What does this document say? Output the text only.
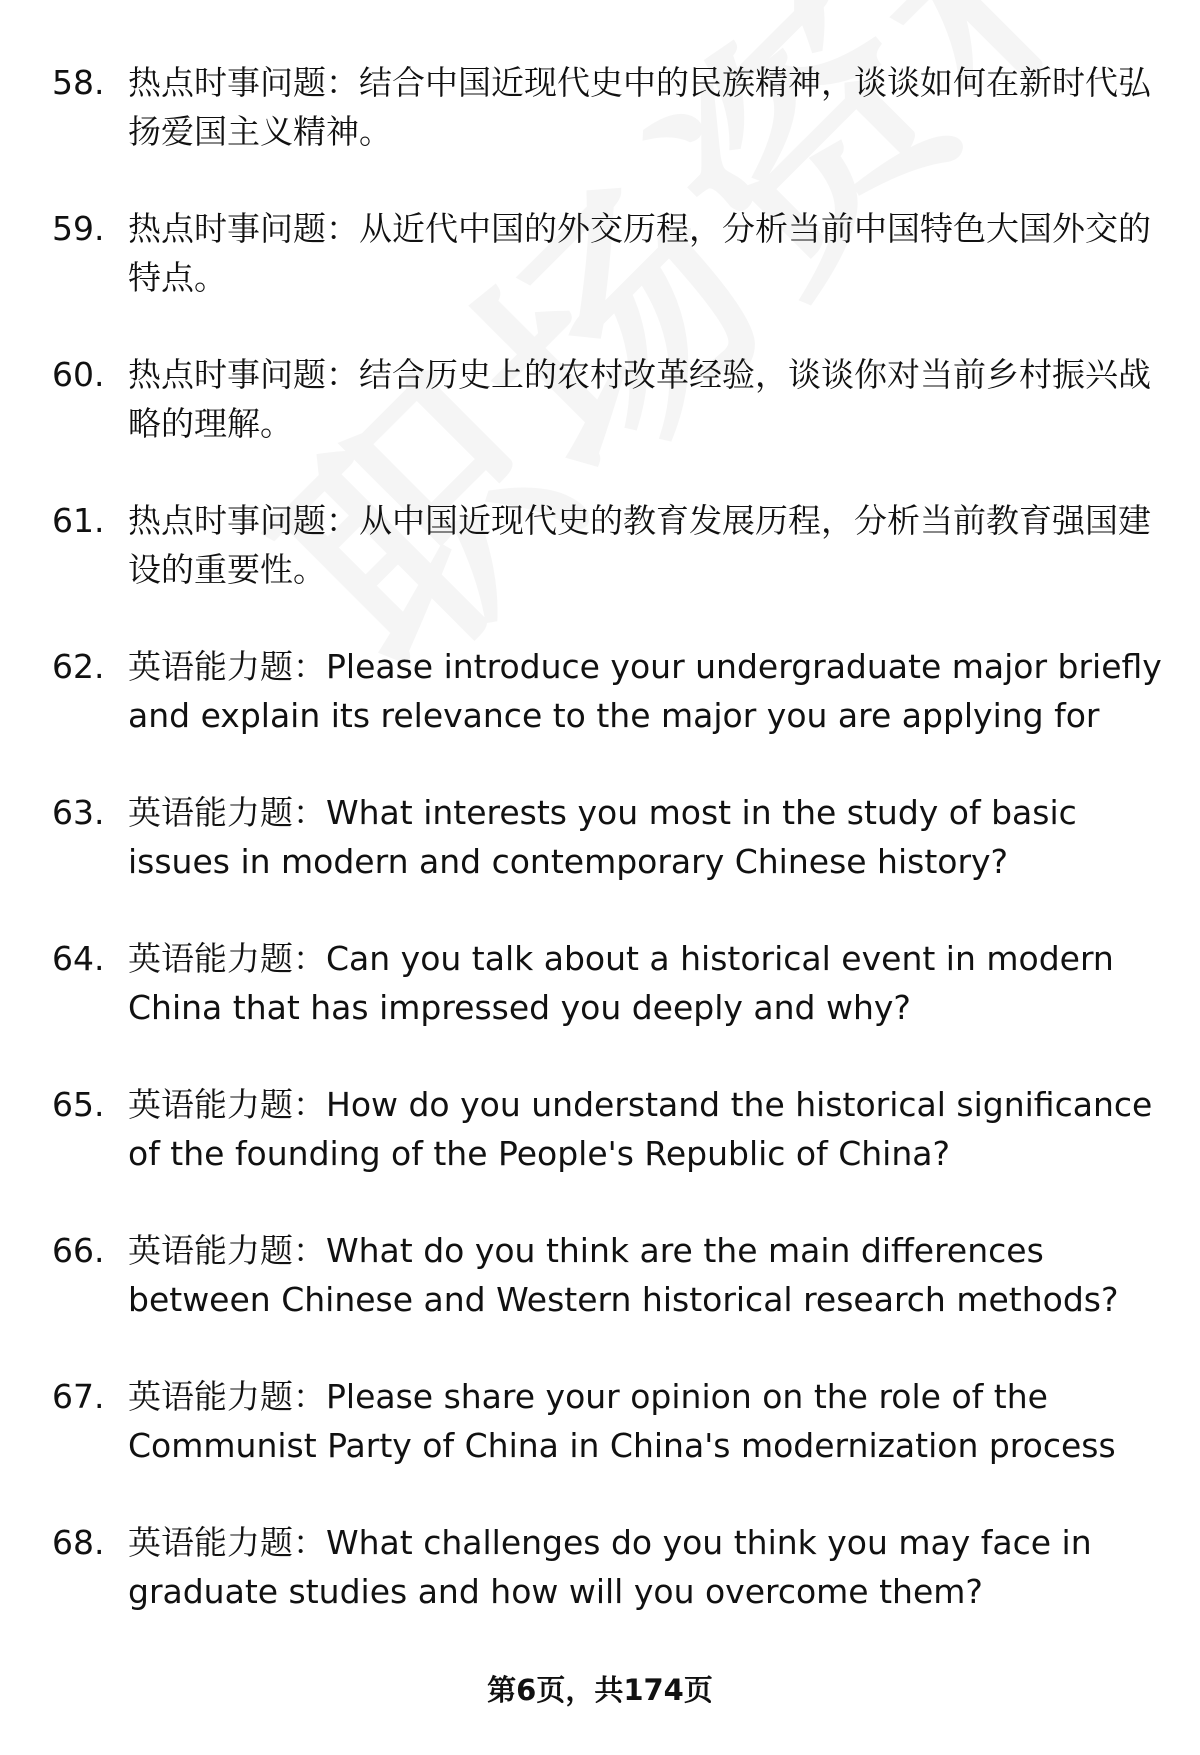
58. 热点时事问题：结合中国近现代史中的民族精神，谈谈如何在新时代弘扬爱国主义精神。
59. 热点时事问题：从近代中国的外交历程，分析当前中国特色大国外交的特点。
60. 热点时事问题：结合历史上的农村改革经验，谈谈你对当前乡村振兴战略的理解。
61. 热点时事问题：从中国近现代史的教育发展历程，分析当前教育强国建设的重要性。
62. 英语能力题：Please introduce your undergraduate major briefly and explain its relevance to the major you are applying for
63. 英语能力题：What interests you most in the study of basic issues in modern and contemporary Chinese history?
64. 英语能力题：Can you talk about a historical event in modern China that has impressed you deeply and why?
65. 英语能力题：How do you understand the historical significance of the founding of the People's Republic of China?
66. 英语能力题：What do you think are the main differences between Chinese and Western historical research methods?
67. 英语能力题：Please share your opinion on the role of the Communist Party of China in China's modernization process
68. 英语能力题：What challenges do you think you may face in graduate studies and how will you overcome them?
第6页，共174页
